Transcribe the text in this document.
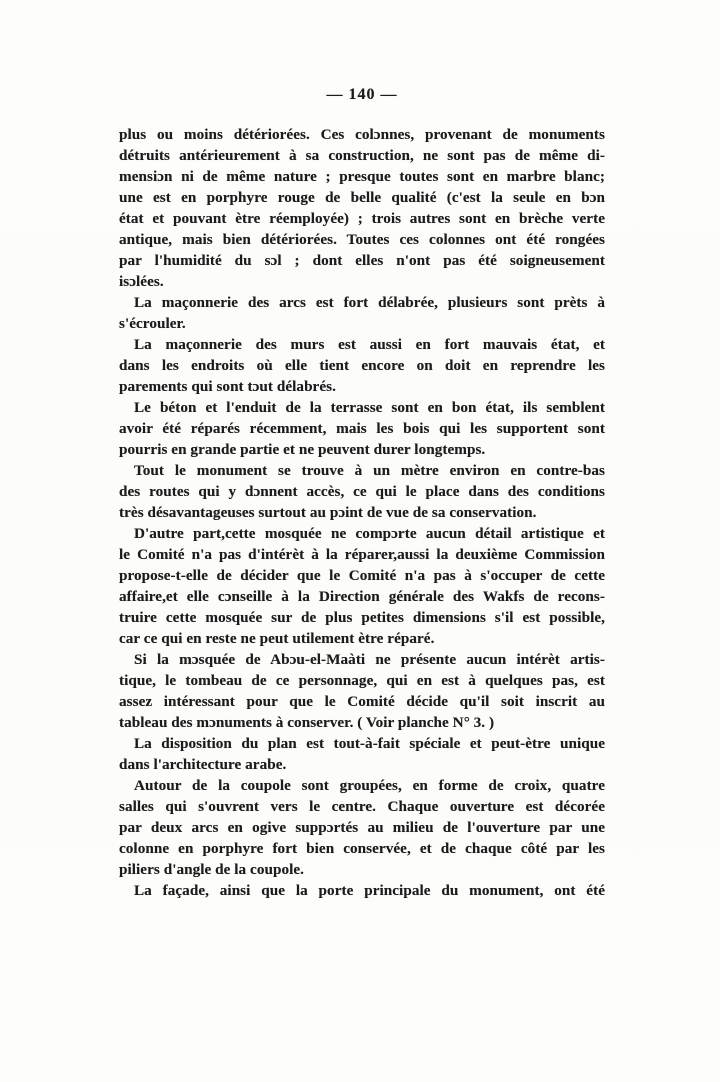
— 140 —
plus ou moins détériorées. Ces colɔnnes, provenant de monuments
détruits antérieurement à sa construction, ne sont pas de même di-
mensiɔn ni de même nature ; presque toutes sont en marbre blanc;
une est en porphyre rouge de belle qualité (c'est la seule en bɔn
état et pouvant ètre réemployée) ; trois autres sont en brèche verte
antique, mais bien détériorées. Toutes ces colonnes ont été rongées
par l'humidité du sɔl ; dont elles n'ont pas été soigneusement
isɔlées.
La maçonnerie des arcs est fort délabrée, plusieurs sont prèts à
s'écrouler.
La maçonnerie des murs est aussi en fort mauvais état, et
dans les endroits où elle tient encore on doit en reprendre les
parements qui sont tɔut délabrés.
Le béton et l'enduit de la terrasse sont en bon état, ils semblent
avoir été réparés récemment, mais les bois qui les supportent sont
pourris en grande partie et ne peuvent durer longtemps.
Tout le monument se trouve à un mètre environ en contre-bas
des routes qui y dɔnnent accès, ce qui le place dans des conditions
très désavantageuses surtout au pɔint de vue de sa conservation.
D'autre part,cette mosquée ne compɔrte aucun détail artistique et
le Comité n'a pas d'intérèt à la réparer,aussi la deuxième Commission
propose-t-elle de décider que le Comité n'a pas à s'occuper de cette
affaire,et elle cɔnseille à la Direction générale des Wakfs de recons-
truire cette mosquée sur de plus petites dimensions s'il est possible,
car ce qui en reste ne peut utilement ètre réparé.
Si la mɔsquée de Abɔu-el-Maàti ne présente aucun intérèt artis-
tique, le tombeau de ce personnage, qui en est à quelques pas, est
assez intéressant pour que le Comité décide qu'il soit inscrit au
tableau des mɔnuments à conserver. ( Voir planche N° 3. )
La disposition du plan est tout-à-fait spéciale et peut-ètre unique
dans l'architecture arabe.
Autour de la coupole sont groupées, en forme de croix, quatre
salles qui s'ouvrent vers le centre. Chaque ouverture est décorée
par deux arcs en ogive suppɔrtés au milieu de l'ouverture par une
colonne en porphyre fort bien conservée, et de chaque côté par les
piliers d'angle de la coupole.
La façade, ainsi que la porte principale du monument, ont été
